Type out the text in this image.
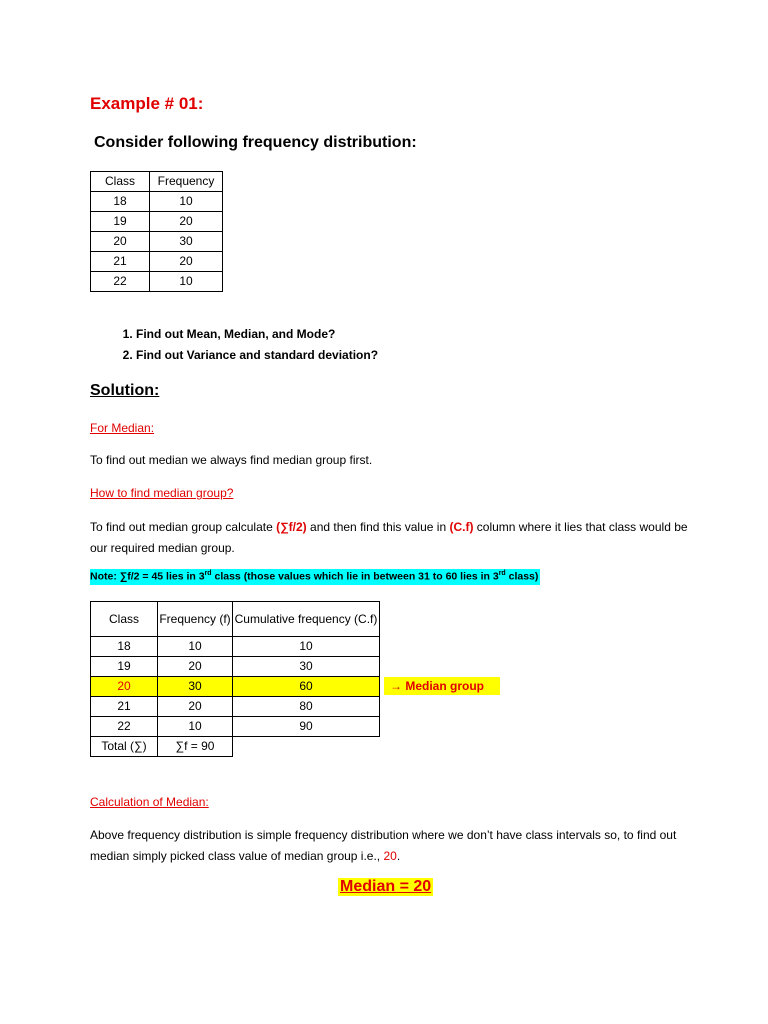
Example # 01:
Consider following frequency distribution:
Class	Frequency
18	10
19	20
20	30
21	20
22	10
1. Find out Mean, Median, and Mode?
2. Find out Variance and standard deviation?
Solution:
For Median:
To find out median we always find median group first.
How to find median group?
To find out median group calculate (∑f/2) and then find this value in (C.f) column where it lies that class would be our required median group.
Note: ∑f/2 = 45 lies in 3rd class (those values which lie in between 31 to 60 lies in 3rd class)
Class	Frequency (f)	Cumulative frequency (C.f)
18	10	10
19	20	30
20	30	60
21	20	80
22	10	90
Total (∑)	∑f = 90	
→ Median group
Calculation of Median:
Above frequency distribution is simple frequency distribution where we don’t have class intervals so, to find out median simply picked class value of median group i.e., 20.
Median = 20
